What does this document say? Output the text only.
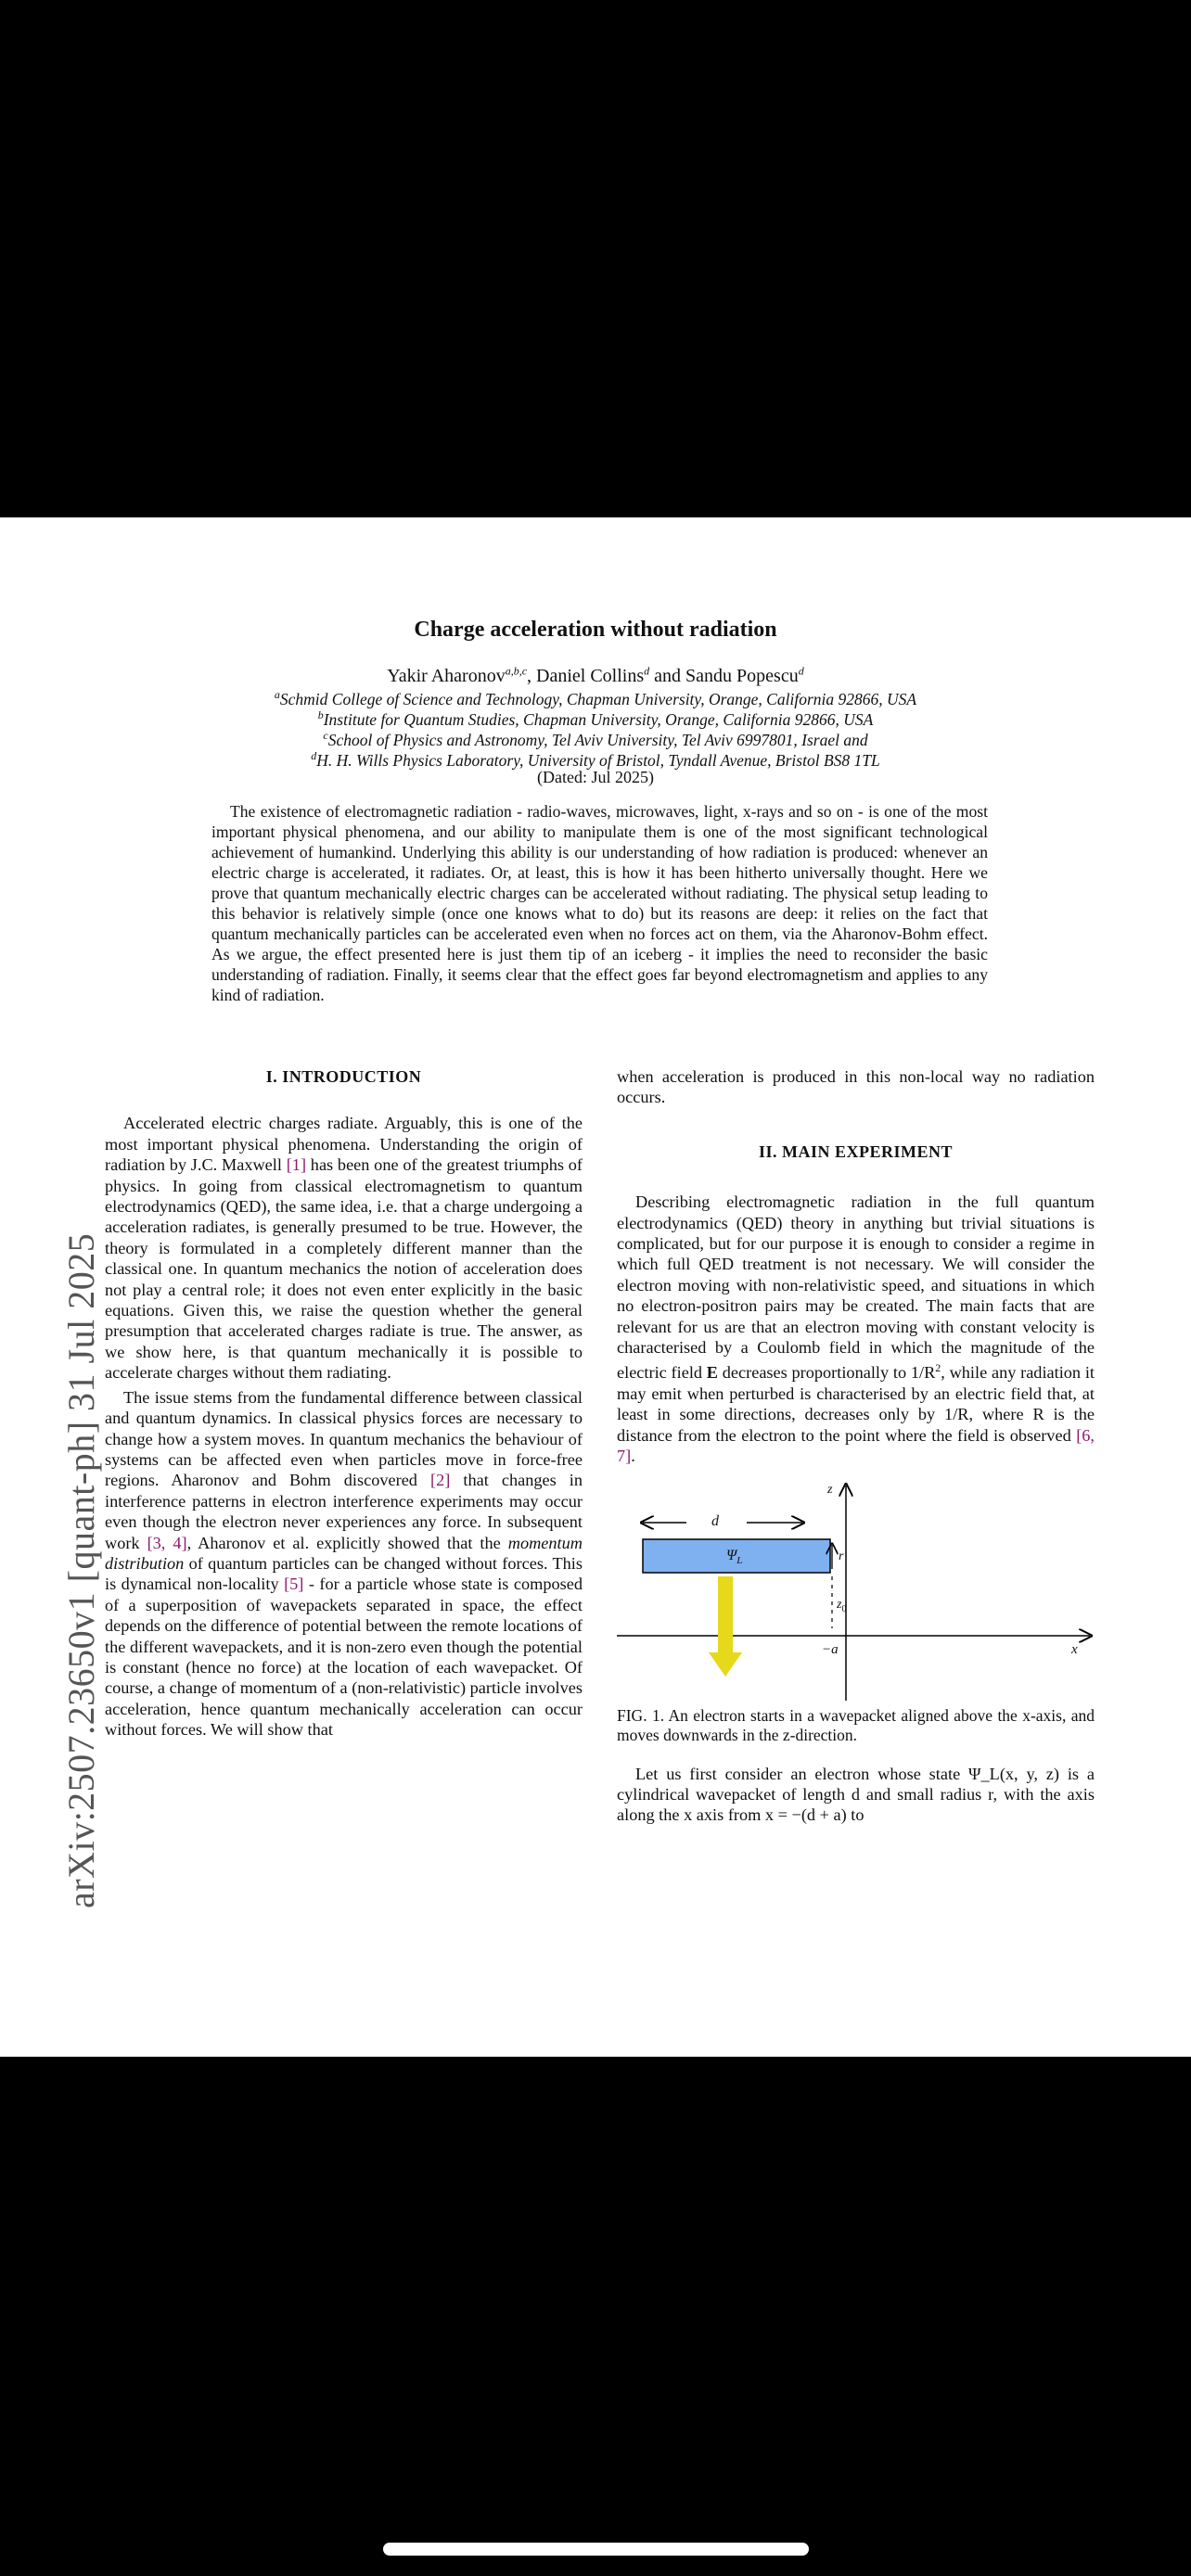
Charge acceleration without radiation
Yakir Aharonov$^{a,b,c}$, Daniel Collins$^d$ and Sandu Popescu$^d$
$^a$Schmid College of Science and Technology, Chapman University, Orange, California 92866, USA
$^b$Institute for Quantum Studies, Chapman University, Orange, California 92866, USA
$^c$School of Physics and Astronomy, Tel Aviv University, Tel Aviv 6997801, Israel and
$^d$H. H. Wills Physics Laboratory, University of Bristol, Tyndall Avenue, Bristol BS8 1TL
(Dated: Jul 2025)
The existence of electromagnetic radiation - radio-waves, microwaves, light, x-rays and so on - is one of the most important physical phenomena, and our ability to manipulate them is one of the most significant technological achievement of humankind. Underlying this ability is our understanding of how radiation is produced: whenever an electric charge is accelerated, it radiates. Or, at least, this is how it has been hitherto universally thought. Here we prove that quantum mechanically electric charges can be accelerated without radiating. The physical setup leading to this behavior is relatively simple (once one knows what to do) but its reasons are deep: it relies on the fact that quantum mechanically particles can be accelerated even when no forces act on them, via the Aharonov-Bohm effect. As we argue, the effect presented here is just them tip of an iceberg - it implies the need to reconsider the basic understanding of radiation. Finally, it seems clear that the effect goes far beyond electromagnetism and applies to any kind of radiation.
I. INTRODUCTION

Accelerated electric charges radiate. Arguably, this is one of the most important physical phenomena. Understanding the origin of radiation by J.C. Maxwell [1] has been one of the greatest triumphs of physics. In going from classical electromagnetism to quantum electrodynamics (QED), the same idea, i.e. that a charge undergoing a acceleration radiates, is generally presumed to be true. However, the theory is formulated in a completely different manner than the classical one. In quantum mechanics the notion of acceleration does not play a central role; it does not even enter explicitly in the basic equations. Given this, we raise the question whether the general presumption that accelerated charges radiate is true. The answer, as we show here, is that quantum mechanically it is possible to accelerate charges without them radiating.

The issue stems from the fundamental difference between classical and quantum dynamics. In classical physics forces are necessary to change how a system moves. In quantum mechanics the behaviour of systems can be affected even when particles move in force-free regions. Aharonov and Bohm discovered [2] that changes in interference patterns in electron interference experiments may occur even though the electron never experiences any force. In subsequent work [3, 4], Aharonov et al. explicitly showed that the momentum distribution of quantum particles can be changed without forces. This is dynamical non-locality [5] - for a particle whose state is composed of a superposition of wavepackets separated in space, the effect depends on the difference of potential between the remote locations of the different wavepackets, and it is non-zero even though the potential is constant (hence no force) at the location of each wavepacket. Of course, a change of momentum of a (non-relativistic) particle involves acceleration, hence quantum mechanically acceleration can occur without forces. We will show that

when acceleration is produced in this non-local way no radiation occurs.

II. MAIN EXPERIMENT

Describing electromagnetic radiation in the full quantum electrodynamics (QED) theory in anything but trivial situations is complicated, but for our purpose it is enough to consider a regime in which full QED treatment is not necessary. We will consider the electron moving with non-relativistic speed, and situations in which no electron-positron pairs may be created. The main facts that are relevant for us are that an electron moving with constant velocity is characterised by a Coulomb field in which the magnitude of the electric field E decreases proportionally to $1/R^2$, while any radiation it may emit when perturbed is characterised by an electric field that, at least in some directions, decreases only by 1/R, where R is the distance from the electron to the point where the field is observed [6, 7].

z
d
r
$\Psi_L$
$z_0$
−a	x
FIG. 1. An electron starts in a wavepacket aligned above the x-axis, and moves downwards in the z-direction.

Let us first consider an electron whose state Ψ_L(x, y, z) is a cylindrical wavepacket of length d and small radius r, with the axis along the x axis from x = −(d + a) to

arXiv:2507.23650v1 [quant-ph] 31 Jul 2025
